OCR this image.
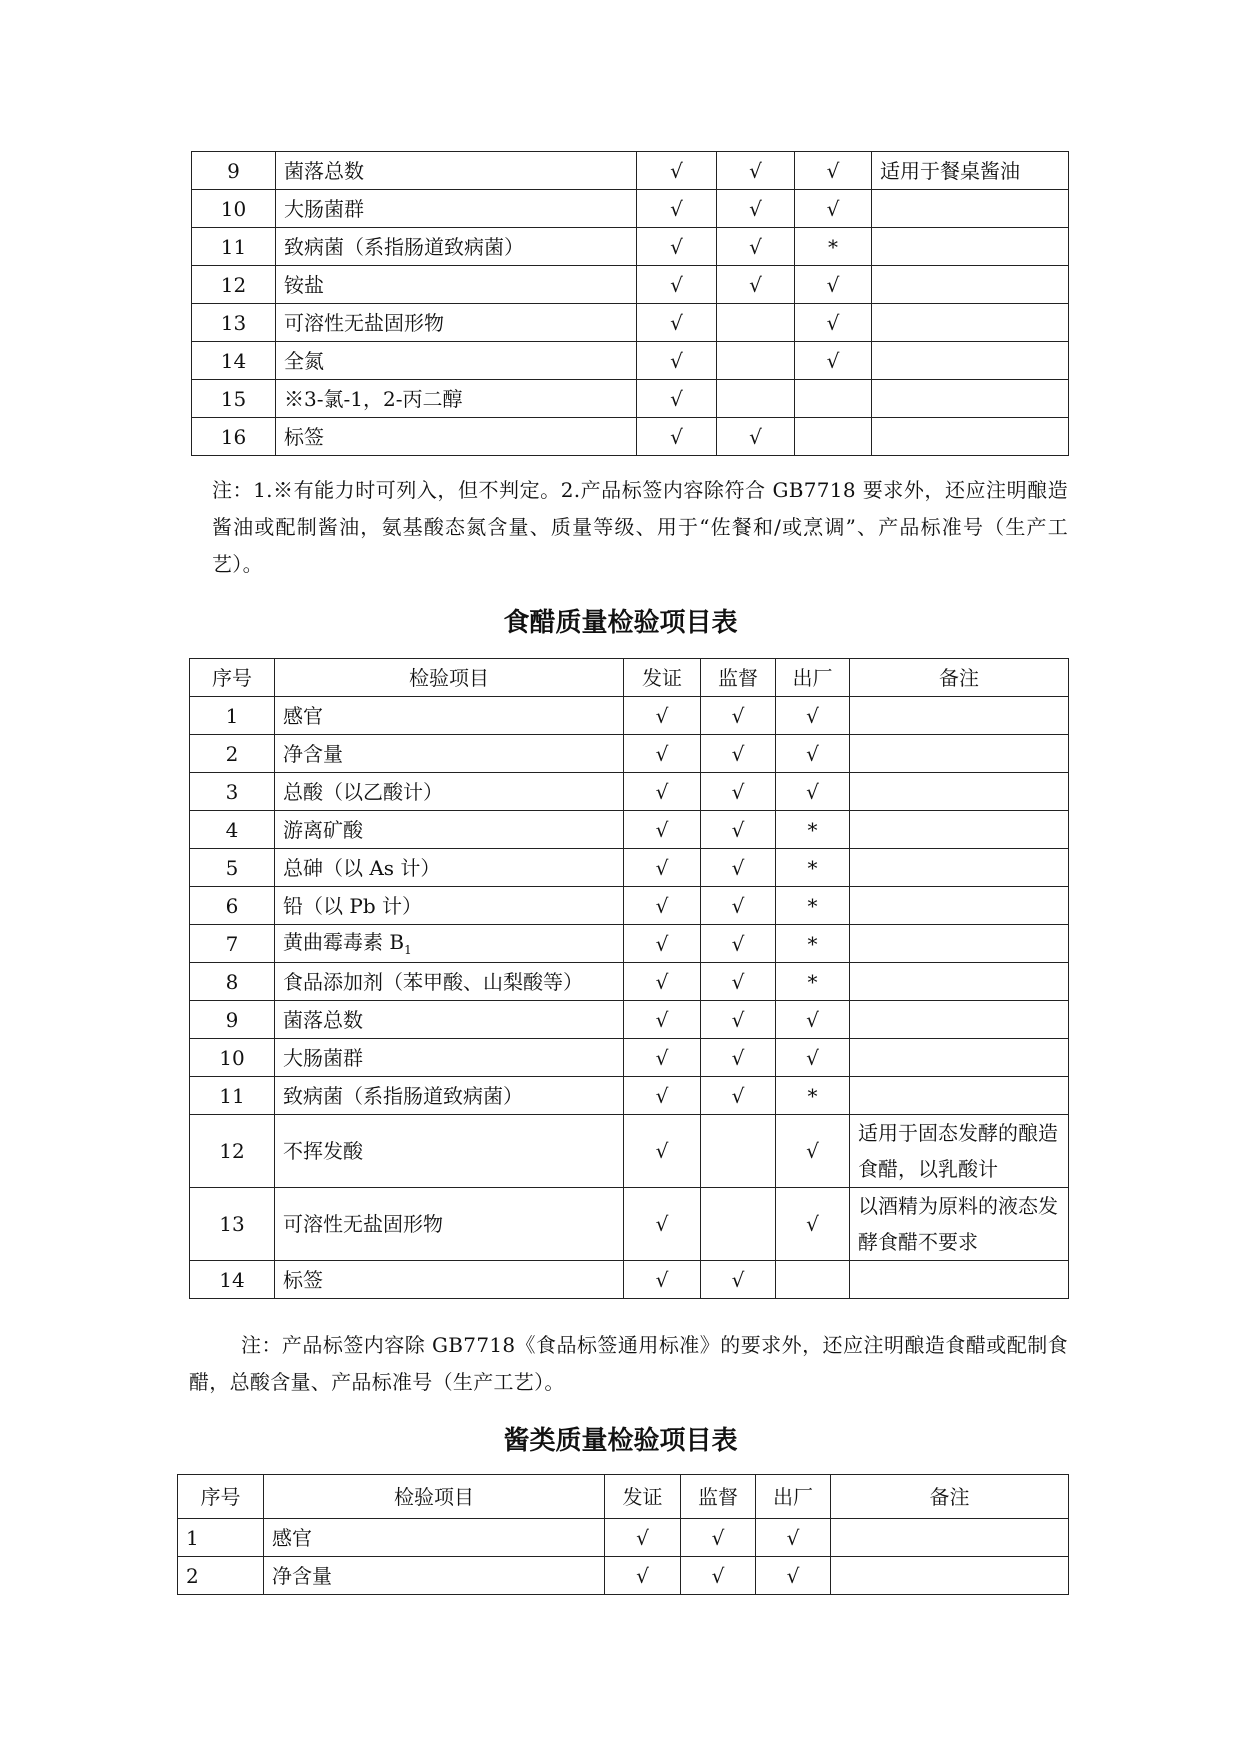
9	菌落总数	√	√	√	适用于餐桌酱油
10	大肠菌群	√	√	√	
11	致病菌（系指肠道致病菌）	√	√	*	
12	铵盐	√	√	√	
13	可溶性无盐固形物	√		√	
14	全氮	√		√	
15	※3-氯-1，2-丙二醇	√			
16	标签	√	√		

注：1.※有能力时可列入，但不判定。2.产品标签内容除符合 GB7718 要求外，还应注明酿造酱油或配制酱油，氨基酸态氮含量、质量等级、用于“佐餐和/或烹调”、产品标准号（生产工艺）。

食醋质量检验项目表
序号	检验项目	发证	监督	出厂	备注
1	感官	√	√	√	
2	净含量	√	√	√	
3	总酸（以乙酸计）	√	√	√	
4	游离矿酸	√	√	*	
5	总砷（以 As 计）	√	√	*	
6	铅（以 Pb 计）	√	√	*	
7	黄曲霉毒素 $B_1$	√	√	*	
8	食品添加剂（苯甲酸、山梨酸等）	√	√	*	
9	菌落总数	√	√	√	
10	大肠菌群	√	√	√	
11	致病菌（系指肠道致病菌）	√	√	*	
12	不挥发酸	√		√	适用于固态发酵的酿造食醋，以乳酸计
13	可溶性无盐固形物	√		√	以酒精为原料的液态发酵食醋不要求
14	标签	√	√		

注：产品标签内容除 GB7718《食品标签通用标准》的要求外，还应注明酿造食醋或配制食醋，总酸含量、产品标准号（生产工艺）。

酱类质量检验项目表
序号	检验项目	发证	监督	出厂	备注
1	感官	√	√	√	
2	净含量	√	√	√	
